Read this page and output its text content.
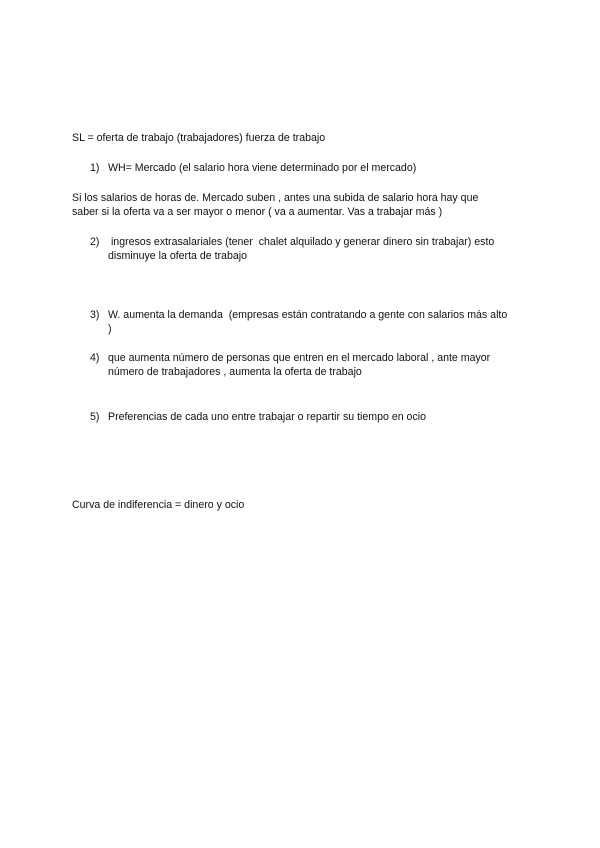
SL = oferta de trabajo (trabajadores) fuerza de trabajo
1) WH= Mercado (el salario hora viene determinado por el mercado)
Si los salarios de horas de. Mercado suben , antes una subida de salario hora hay que
saber si la oferta va a ser mayor o menor ( va a aumentar. Vas a trabajar más )
2) ingresos extrasalariales (tener  chalet alquilado y generar dinero sin trabajar) esto
disminuye la oferta de trabajo
3) W. aumenta la demanda  (empresas están contratando a gente con salarios más alto
)
4) que aumenta número de personas que entren en el mercado laboral , ante mayor
número de trabajadores , aumenta la oferta de trabajo
5) Preferencias de cada uno entre trabajar o repartir su tiempo en ocio
Curva de indiferencia = dinero y ocio
